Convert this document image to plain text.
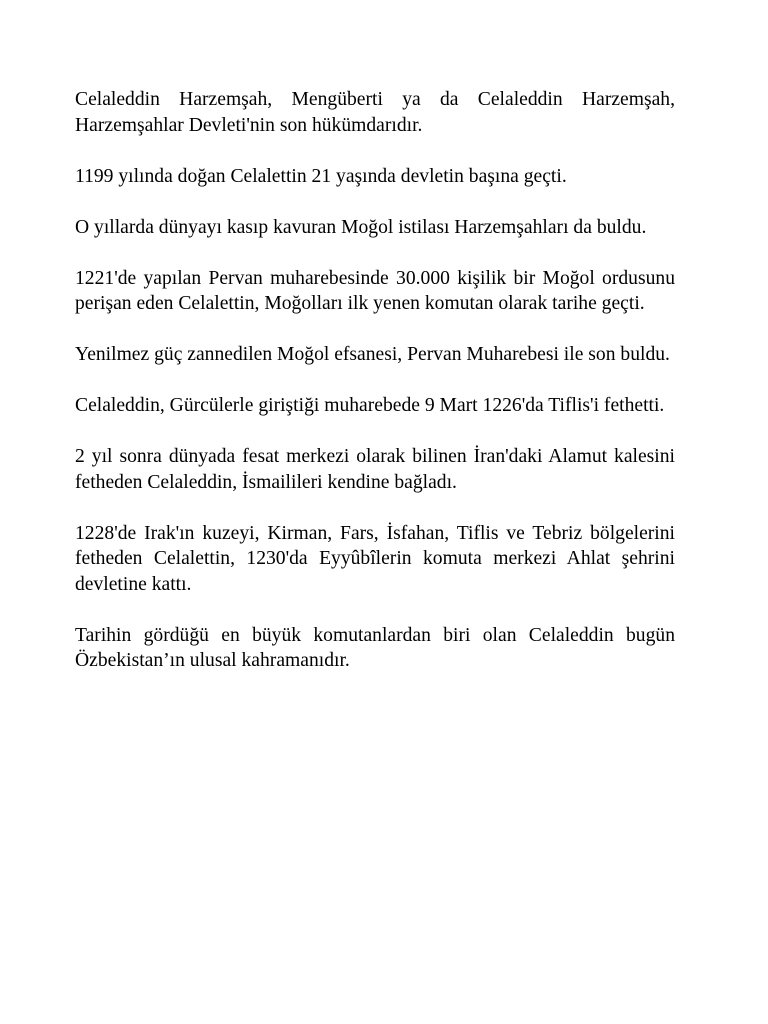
Celaleddin Harzemşah, Mengüberti ya da Celaleddin Harzemşah, Harzemşahlar Devleti'nin son hükümdarıdır.

1199 yılında doğan Celalettin 21 yaşında devletin başına geçti.

O yıllarda dünyayı kasıp kavuran Moğol istilası Harzemşahları da buldu.

1221'de yapılan Pervan muharebesinde 30.000 kişilik bir Moğol ordusunu perişan eden Celalettin, Moğolları ilk yenen komutan olarak tarihe geçti.

Yenilmez güç zannedilen Moğol efsanesi, Pervan Muharebesi ile son buldu.

Celaleddin, Gürcülerle giriştiği muharebede 9 Mart 1226'da Tiflis'i fethetti.

2 yıl sonra dünyada fesat merkezi olarak bilinen İran'daki Alamut kalesini fetheden Celaleddin, İsmailileri kendine bağladı.

1228'de Irak'ın kuzeyi, Kirman, Fars, İsfahan, Tiflis ve Tebriz bölgelerini fetheden Celalettin, 1230'da Eyyûbîlerin komuta merkezi Ahlat şehrini devletine kattı.

Tarihin gördüğü en büyük komutanlardan biri olan Celaleddin bugün Özbekistan’ın ulusal kahramanıdır.
